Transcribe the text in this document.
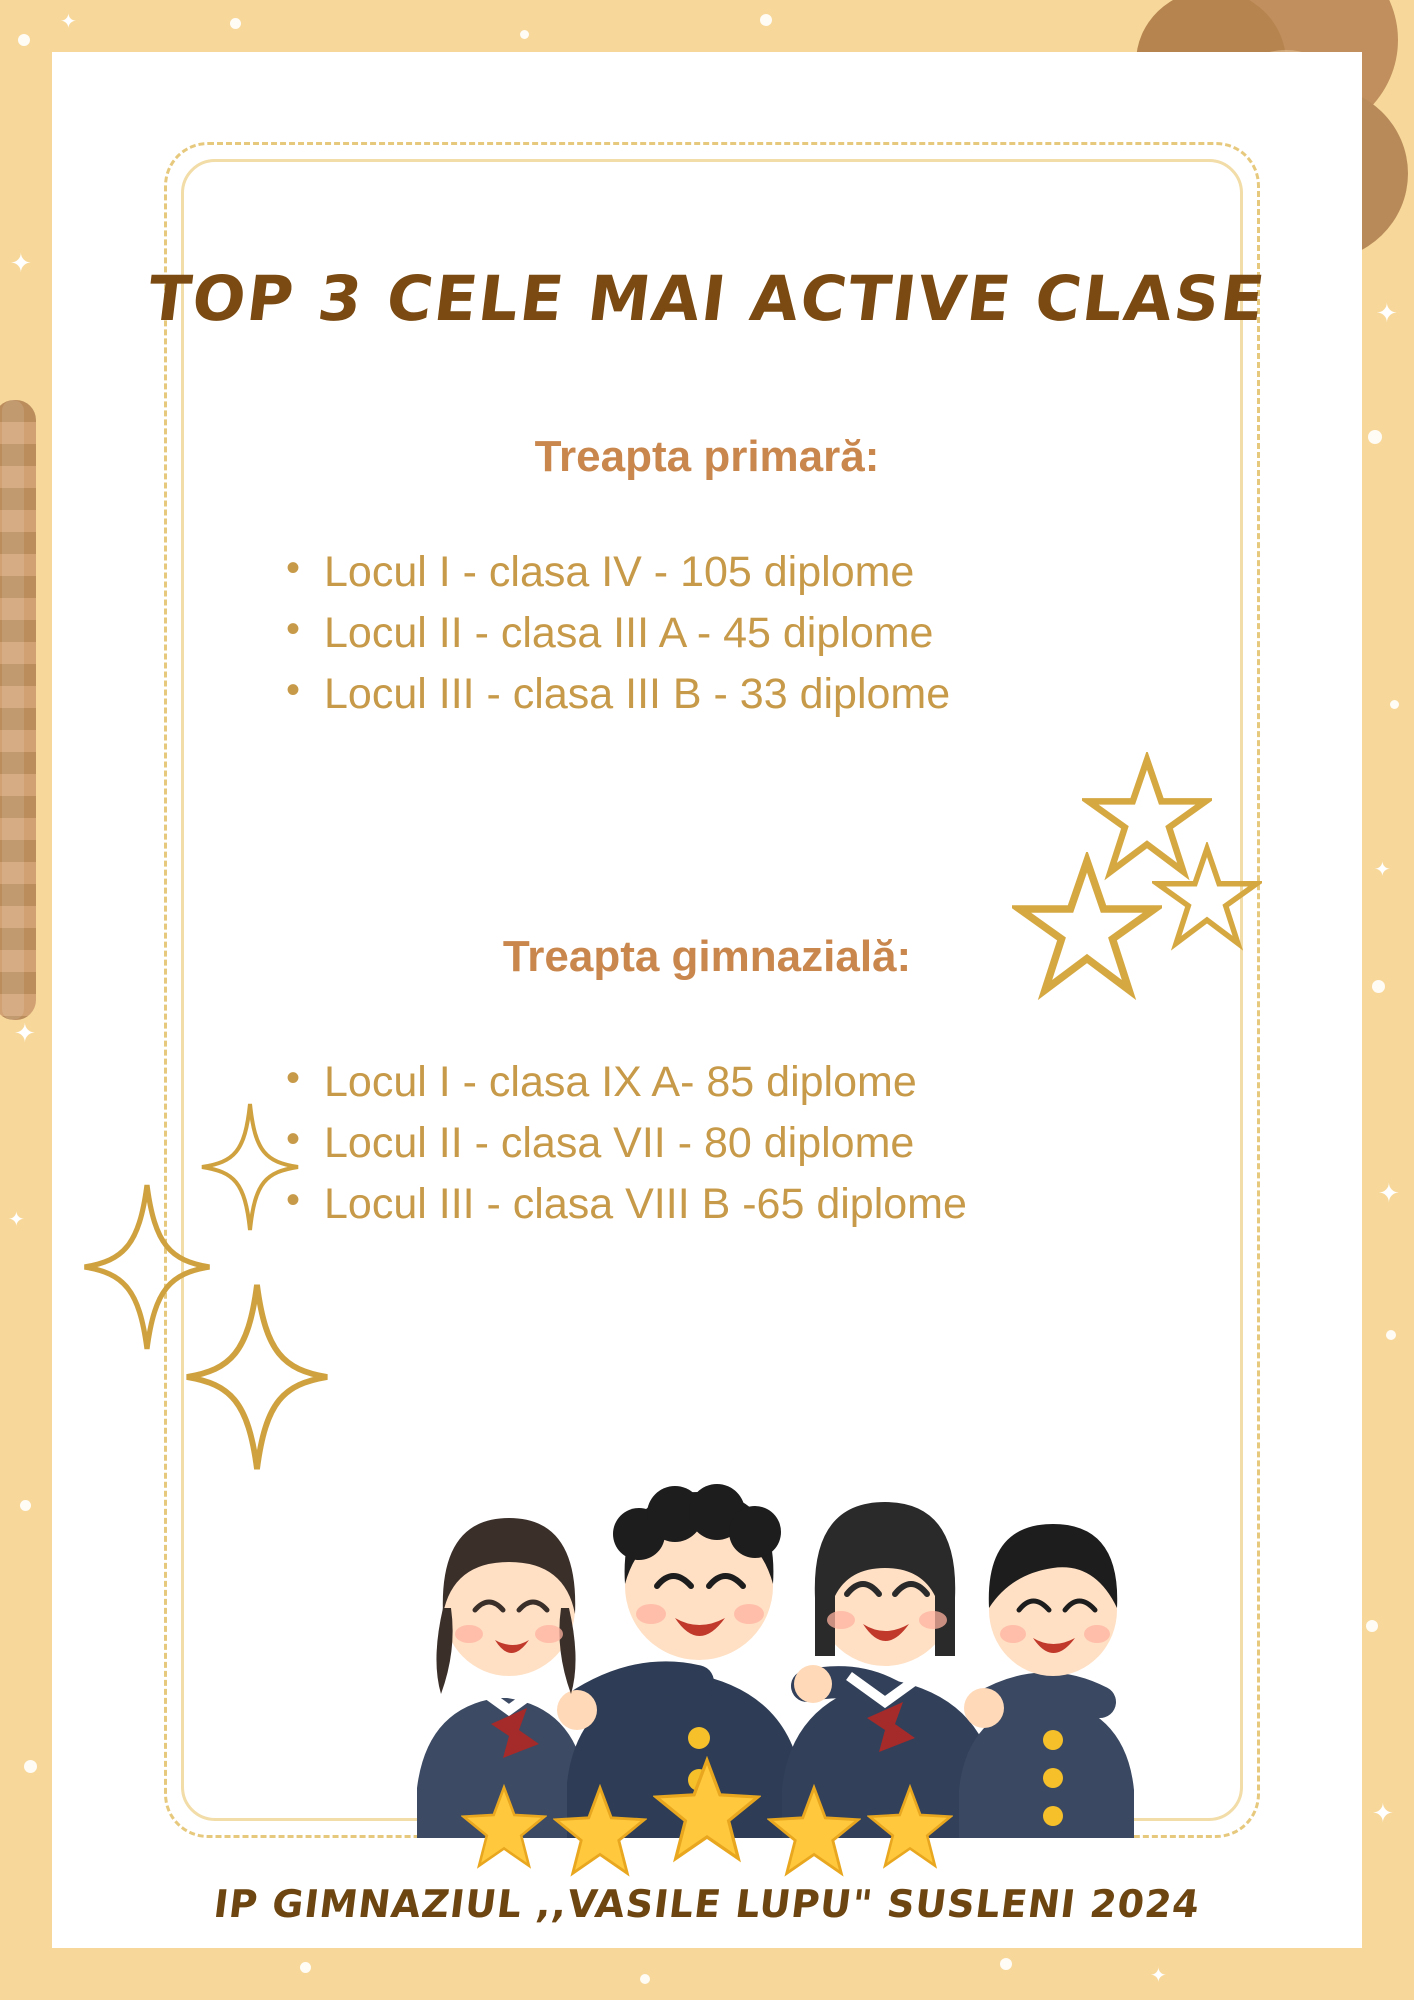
✦
✦
✦
✦
✦
✦
✦
✦
✦
TOP 3 CELE MAI ACTIVE CLASE
Treapta primară:
• Locul I - clasa IV - 105 diplome
• Locul II - clasa III A - 45 diplome
• Locul III - clasa III B - 33 diplome
Treapta gimnazială:
• Locul I - clasa IX A- 85 diplome
• Locul II - clasa VII - 80 diplome
• Locul III - clasa VIII B -65 diplome
IP GIMNAZIUL ,,VASILE LUPU" SUSLENI 2024
